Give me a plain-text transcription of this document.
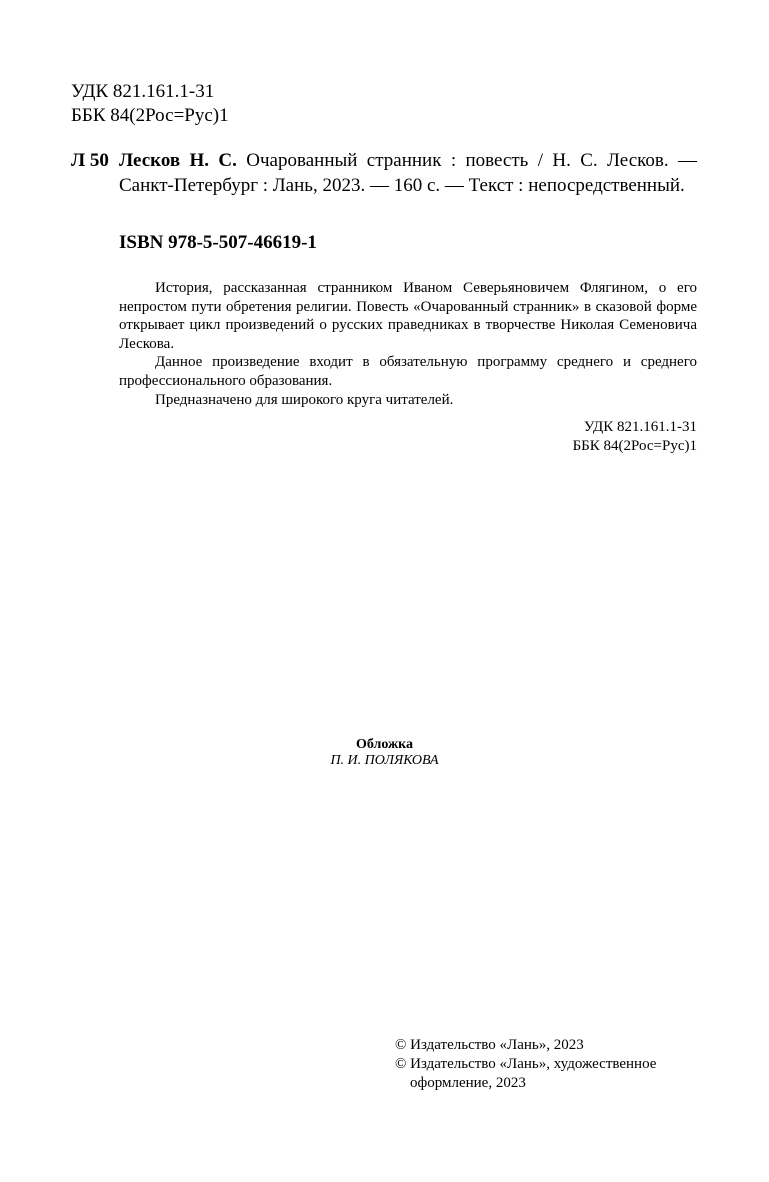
УДК 821.161.1-31
ББК 84(2Рос=Рус)1
Л 50 Лесков Н. С. Очарованный странник : повесть / Н. С. Лесков. — Санкт-Петербург : Лань, 2023. — 160 с. — Текст : непосредственный.
ISBN 978-5-507-46619-1

История, рассказанная странником Иваном Северьяновичем Флягином, о его непростом пути обретения религии. Повесть «Очарованный странник» в сказовой форме открывает цикл произведений о русских праведниках в творчестве Николая Семеновича Лескова.

Данное произведение входит в обязательную программу среднего и среднего профессионального образования.

Предназначено для широкого круга читателей.

УДК 821.161.1-31
ББК 84(2Рос=Рус)1
Обложка
П. И. ПОЛЯКОВА
© Издательство «Лань», 2023
© Издательство «Лань», художественное
оформление, 2023
